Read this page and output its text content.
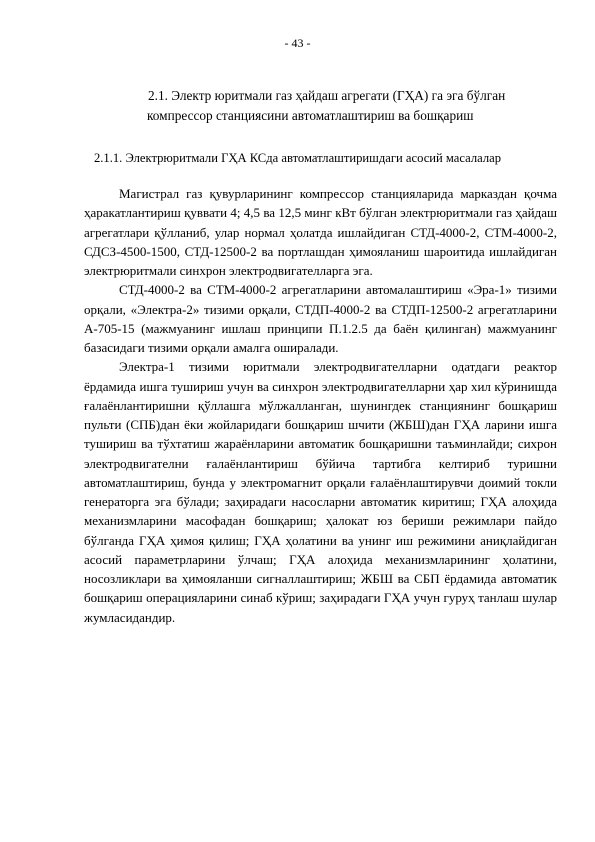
- 43 -
2.1. Электр юритмали газ ҳайдаш агрегати (ГҲА) га эга бўлган
компрессор станциясини автоматлаштириш ва бошқариш
2.1.1. Электрюритмали ГҲА КСда автоматлаштиришдаги асосий масалалар

Магистрал газ қувурларининг компрессор станцияларида марказдан қочма ҳаракатлантириш қуввати 4; 4,5 ва 12,5 минг кВт бўлган электрюритмали газ ҳайдаш агрегатлари қўлланиб, улар нормал ҳолатда ишлайдиган СТД-4000-2, СТМ-4000-2, СДСЗ-4500-1500, СТД-12500-2 ва портлашдан ҳимояланиш шароитида ишлайдиган электрюритмали синхрон электродвигателларга эга.

СТД-4000-2 ва СТМ-4000-2 агрегатларини автомалаштириш «Эра-1» тизими орқали, «Электра-2» тизими орқали, СТДП-4000-2 ва СТДП-12500-2 агрегатларини А-705-15 (мажмуанинг ишлаш принципи П.1.2.5 да баён қилинган) мажмуанинг базасидаги тизими орқали амалга оширалади.

Электра-1 тизими юритмали электродвигателларни одатдаги реактор ёрдамида ишга тушириш учун ва синхрон электродвигателларни ҳар хил кўринишда ғалаёнлантиришни қўллашга мўлжалланган, шунингдек станциянинг бошқариш пульти (СПБ)дан ёки жойларидаги бошқариш шчити (ЖБШ)дан ГҲА ларини ишга тушириш ва тўхтатиш жараёнларини автоматик бошқаришни таъминлайди; сихрон электродвигателни ғалаёнлантириш бўйича тартибга келтириб туришни автоматлаштириш, бунда у электромагнит орқали ғалаёнлаштирувчи доимий токли генераторга эга бўлади; заҳирадаги насосларни автоматик киритиш; ГҲА алоҳида механизмларини масофадан бошқариш; ҳалокат юз бериши режимлари пайдо бўлганда ГҲА ҳимоя қилиш; ГҲА ҳолатини ва унинг иш режимини аниқлайдиган асосий параметрларини ўлчаш; ГҲА алоҳида механизмларининг ҳолатини, носозликлари ва ҳимояланши сигналлаштириш; ЖБШ ва СБП ёрдамида автоматик бошқариш операцияларини синаб кўриш; заҳирадаги ГҲА учун гуруҳ танлаш шулар жумласидандир.
